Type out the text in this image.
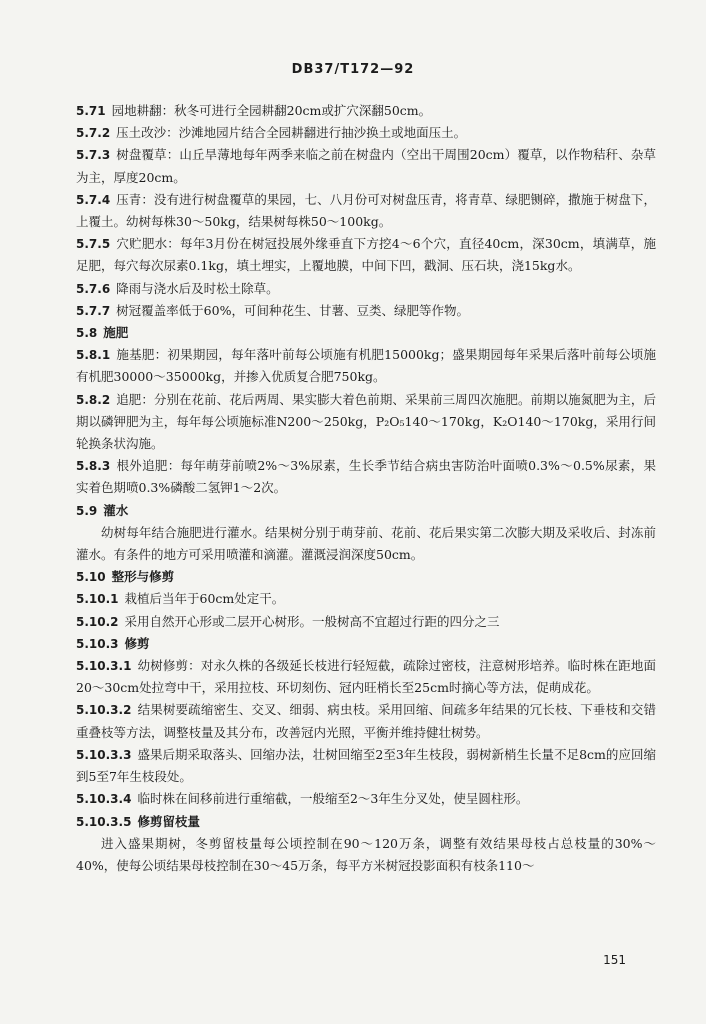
DB37/T172—92

5.71 园地耕翻：秋冬可进行全园耕翻20cm或扩穴深翻50cm。

5.7.2 压土改沙：沙滩地园片结合全园耕翻进行抽沙换土或地面压土。

5.7.3 树盘覆草：山丘旱薄地每年两季来临之前在树盘内（空出干周围20cm）覆草，以作物秸秆、杂草为主，厚度20cm。

5.7.4 压青：没有进行树盘覆草的果园，七、八月份可对树盘压青，将青草、绿肥铡碎，撒施于树盘下，上覆土。幼树每株30～50kg，结果树每株50～100kg。

5.7.5 穴贮肥水：每年3月份在树冠投展外缘垂直下方挖4～6个穴，直径40cm，深30cm，填满草，施足肥，每穴每次尿素0.1kg，填土埋实，上覆地膜，中间下凹，戳洞、压石块，浇15kg水。

5.7.6 降雨与浇水后及时松土除草。

5.7.7 树冠覆盖率低于60%，可间种花生、甘薯、豆类、绿肥等作物。

5.8 施肥

5.8.1 施基肥：初果期园，每年落叶前每公顷施有机肥15000kg；盛果期园每年采果后落叶前每公顷施有机肥30000～35000kg，并掺入优质复合肥750kg。

5.8.2 追肥：分别在花前、花后两周、果实膨大着色前期、采果前三周四次施肥。前期以施氮肥为主，后期以磷钾肥为主，每年每公顷施标准N200～250kg，P₂O₅140～170kg，K₂O140～170kg，采用行间轮换条状沟施。

5.8.3 根外追肥：每年萌芽前喷2%～3%尿素，生长季节结合病虫害防治叶面喷0.3%～0.5%尿素，果实着色期喷0.3%磷酸二氢钾1～2次。

5.9 灌水

幼树每年结合施肥进行灌水。结果树分别于萌芽前、花前、花后果实第二次膨大期及采收后、封冻前灌水。有条件的地方可采用喷灌和滴灌。灌溉浸润深度50cm。

5.10 整形与修剪

5.10.1 栽植后当年于60cm处定干。

5.10.2 采用自然开心形或二层开心树形。一般树高不宜超过行距的四分之三

5.10.3 修剪

5.10.3.1 幼树修剪：对永久株的各级延长枝进行轻短截，疏除过密枝，注意树形培养。临时株在距地面20～30cm处拉弯中干，采用拉枝、环切刻伤、冠内旺梢长至25cm时摘心等方法，促萌成花。

5.10.3.2 结果树要疏缩密生、交叉、细弱、病虫枝。采用回缩、间疏多年结果的冗长枝、下垂枝和交错重叠枝等方法，调整枝量及其分布，改善冠内光照，平衡并维持健壮树势。

5.10.3.3 盛果后期采取落头、回缩办法，壮树回缩至2至3年生枝段，弱树新梢生长量不足8cm的应回缩到5至7年生枝段处。

5.10.3.4 临时株在间移前进行重缩截，一般缩至2～3年生分叉处，使呈圆柱形。

5.10.3.5 修剪留枝量

进入盛果期树，冬剪留枝量每公顷控制在90～120万条，调整有效结果母枝占总枝量的30%～40%，使每公顷结果母枝控制在30～45万条，每平方米树冠投影面积有枝条110～

151
